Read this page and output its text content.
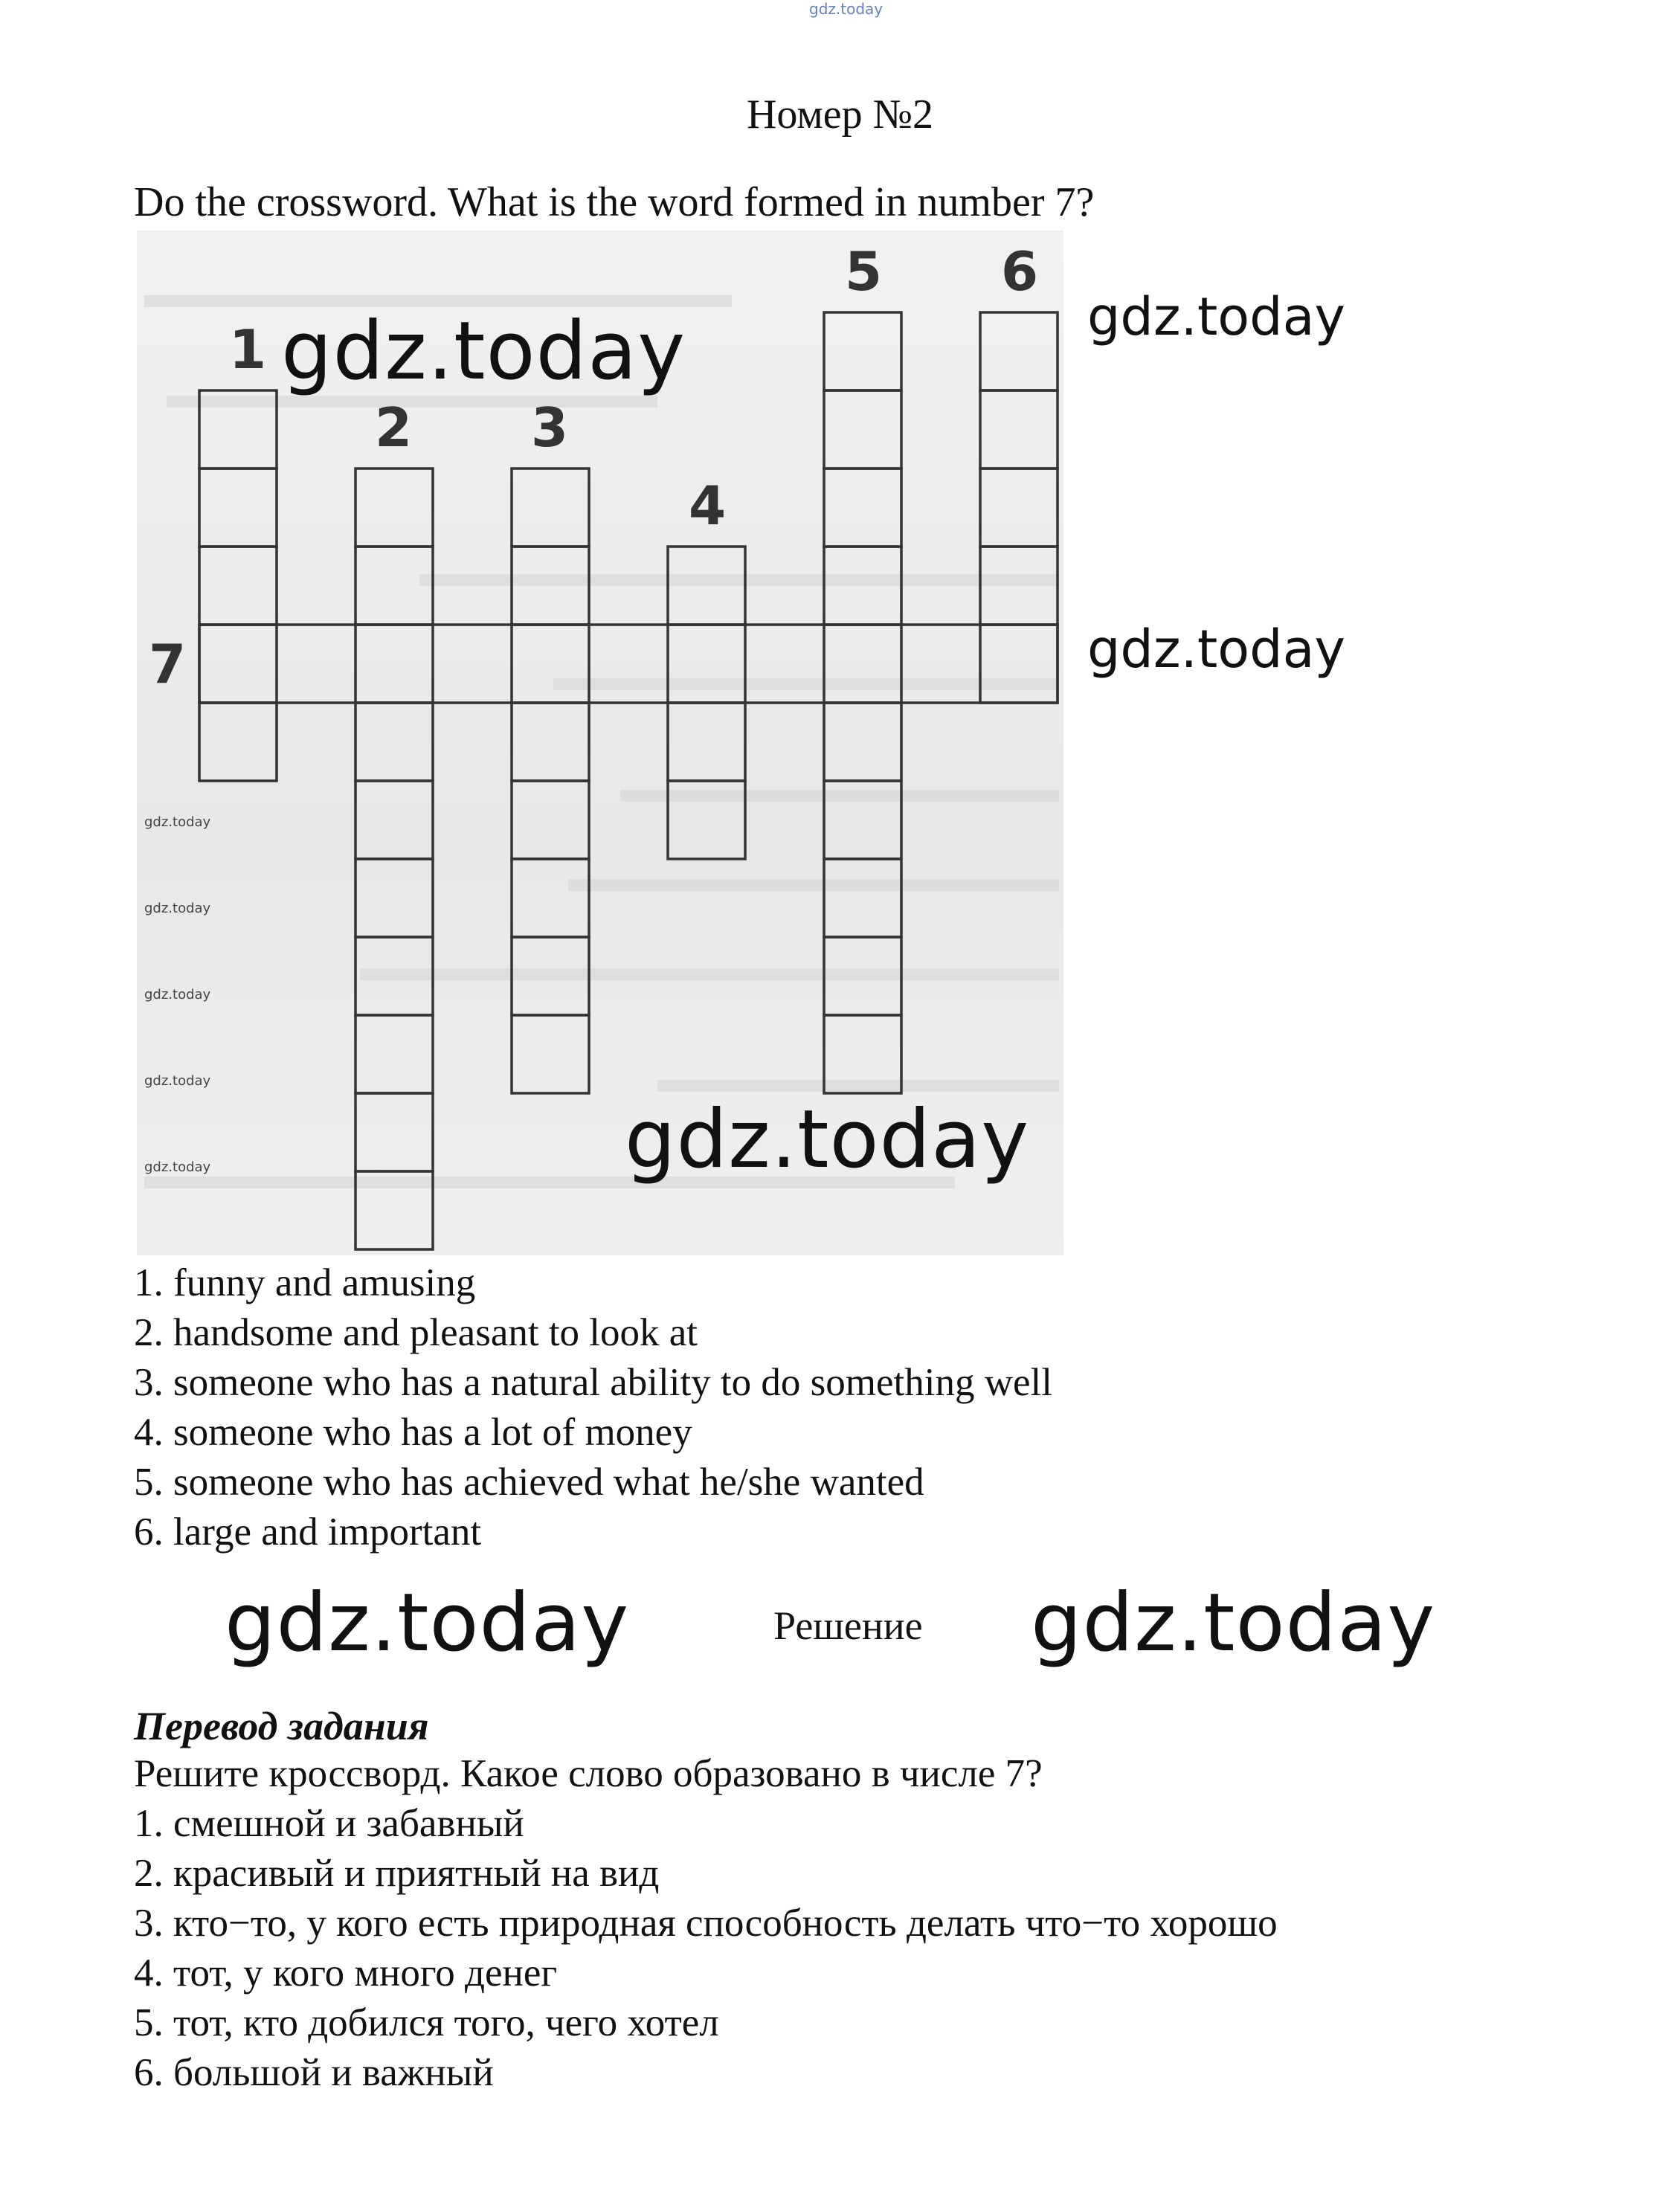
gdz.today
Номер №2
Do the crossword. What is the word formed in number 7?
1
2 3
4
5 6
7
gdz.today
gdz.today
gdz.today
gdz.today
gdz.today
gdz.today
gdz.today
gdz.today
gdz.today
1. funny and amusing
2. handsome and pleasant to look at
3. someone who has a natural ability to do something well
4. someone who has a lot of money
5. someone who has achieved what he/she wanted
6. large and important
gdz.today	Решение gdz.today
Перевод задания
Решите кроссворд. Какое слово образовано в числе 7?
1. смешной и забавный
2. красивый и приятный на вид
3. кто−то, у кого есть природная способность делать что−то хорошо
4. тот, у кого много денег
5. тот, кто добился того, чего хотел
6. большой и важный
